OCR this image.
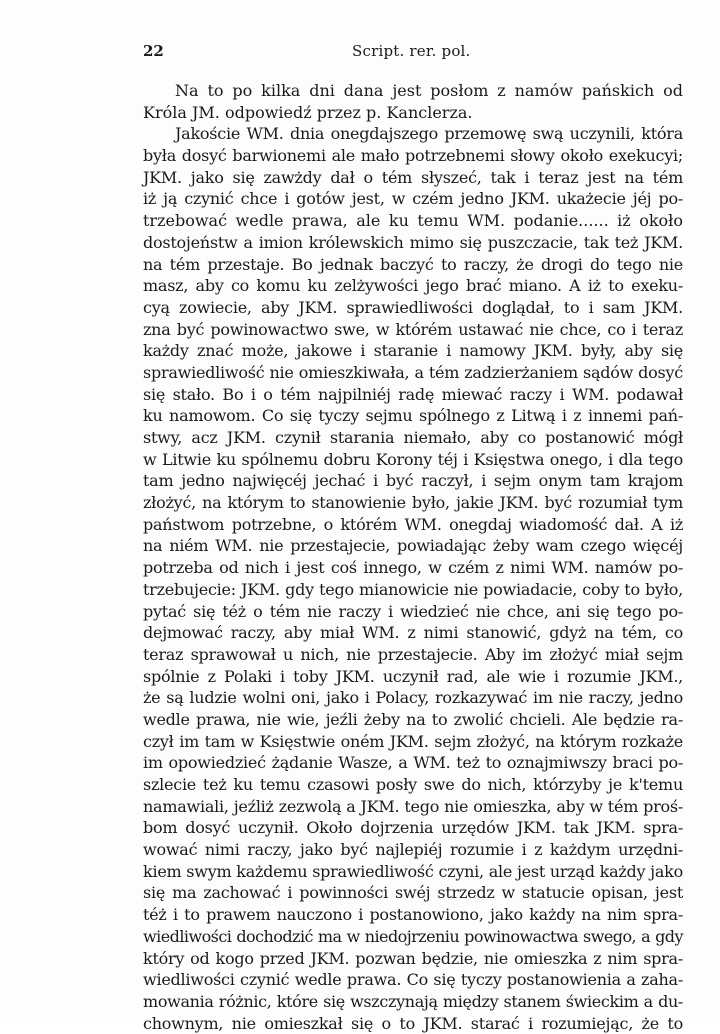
22	Script. rer. pol.
Na to po kilka dni dana jest posłom z namów pańskich od
Króla JM. odpowiedź przez p. Kanclerza.
Jakoście WM. dnia onegdajszego przemowę swą uczynili, która
była dosyć barwionemi ale mało potrzebnemi słowy około exekucyi;
JKM. jako się zawżdy dał o tém słyszeć, tak i teraz jest na tém
iż ją czynić chce i gotów jest, w czém jedno JKM. ukażecie jéj po-
trzebować wedle prawa, ale ku temu WM. podanie...... iż około
dostojeństw a imion królewskich mimo się puszczacie, tak też JKM.
na tém przestaje. Bo jednak baczyć to raczy, że drogi do tego nie
masz, aby co komu ku zelżywości jego brać miano. A iż to exeku-
cyą zowiecie, aby JKM. sprawiedliwości doglądał, to i sam JKM.
zna być powinowactwo swe, w którém ustawać nie chce, co i teraz
każdy znać może, jakowe i staranie i namowy JKM. były, aby się
sprawiedliwość nie omieszkiwała, a tém zadzierżaniem sądów dosyć
się stało. Bo i o tém najpilniéj radę miewać raczy i WM. podawał
ku namowom. Co się tyczy sejmu spólnego z Litwą i z innemi pań-
stwy, acz JKM. czynił starania niemało, aby co postanowić mógł
w Litwie ku spólnemu dobru Korony téj i Księstwa onego, i dla tego
tam jedno najwięcéj jechać i być raczył, i sejm onym tam krajom
złożyć, na którym to stanowienie było, jakie JKM. być rozumiał tym
państwom potrzebne, o którém WM. onegdaj wiadomość dał. A iż
na niém WM. nie przestajecie, powiadając żeby wam czego więcéj
potrzeba od nich i jest coś innego, w czém z nimi WM. namów po-
trzebujecie: JKM. gdy tego mianowicie nie powiadacie, coby to było,
pytać się téż o tém nie raczy i wiedzieć nie chce, ani się tego po-
dejmować raczy, aby miał WM. z nimi stanowić, gdyż na tém, co
teraz sprawował u nich, nie przestajecie. Aby im złożyć miał sejm
spólnie z Polaki i toby JKM. uczynił rad, ale wie i rozumie JKM.,
że są ludzie wolni oni, jako i Polacy, rozkazywać im nie raczy, jedno
wedle prawa, nie wie, jeźli żeby na to zwolić chcieli. Ale będzie ra-
czył im tam w Księstwie oném JKM. sejm złożyć, na którym rozkaże
im opowiedzieć żądanie Wasze, a WM. też to oznajmiwszy braci po-
szlecie też ku temu czasowi posły swe do nich, którzyby je k'temu
namawiali, jeźliż zezwolą a JKM. tego nie omieszka, aby w tém proś-
bom dosyć uczynił. Około dojrzenia urzędów JKM. tak JKM. spra-
wować nimi raczy, jako być najlepiéj rozumie i z każdym urzędni-
kiem swym każdemu sprawiedliwość czyni, ale jest urząd każdy jako
się ma zachować i powinności swéj strzedz w statucie opisan, jest
téż i to prawem nauczono i postanowiono, jako każdy na nim spra-
wiedliwości dochodzić ma w niedojrzeniu powinowactwa swego, a gdy
który od kogo przed JKM. pozwan będzie, nie omieszka z nim spra-
wiedliwości czynić wedle prawa. Co się tyczy postanowienia a zaha-
mowania różnic, które się wszczynają między stanem świeckim a du-
chownym, nie omieszkał się o to JKM. starać i rozumiejąc, że to
